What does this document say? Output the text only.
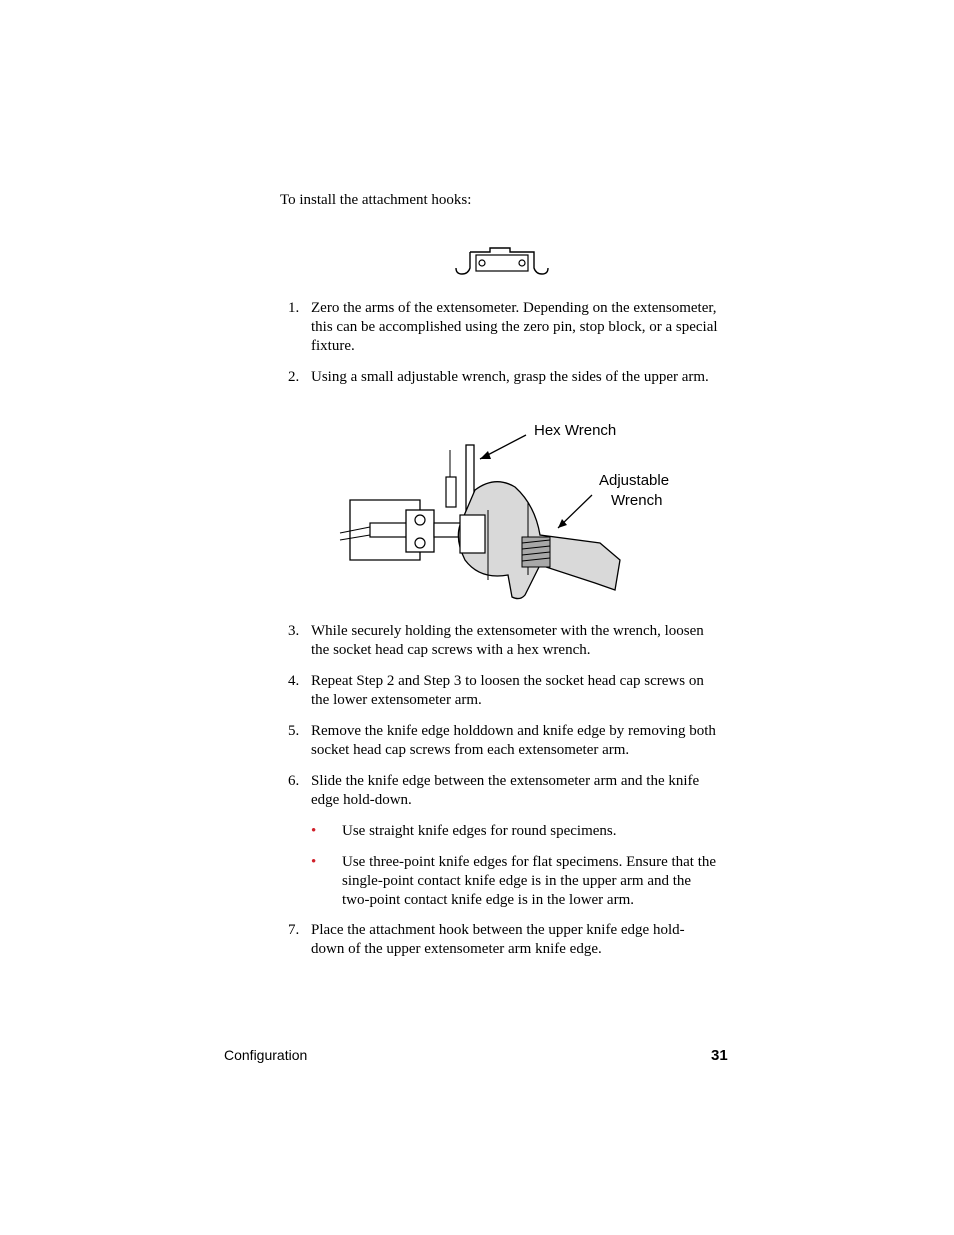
To install the attachment hooks:
1. Zero the arms of the extensometer. Depending on the extensometer,
this can be accomplished using the zero pin, stop block, or a special
fixture.
2. Using a small adjustable wrench, grasp the sides of the upper arm.
Hex Wrench
Adjustable
Wrench
3. While securely holding the extensometer with the wrench, loosen
the socket head cap screws with a hex wrench.
4. Repeat Step 2 and Step 3 to loosen the socket head cap screws on
the lower extensometer arm.
5. Remove the knife edge holddown and knife edge by removing both
socket head cap screws from each extensometer arm.
6. Slide the knife edge between the extensometer arm and the knife
edge hold-down.
• Use straight knife edges for round specimens.
• Use three-point knife edges for flat specimens. Ensure that the
single-point contact knife edge is in the upper arm and the
two-point contact knife edge is in the lower arm.
7. Place the attachment hook between the upper knife edge hold-
down of the upper extensometer arm knife edge.
Configuration	31
